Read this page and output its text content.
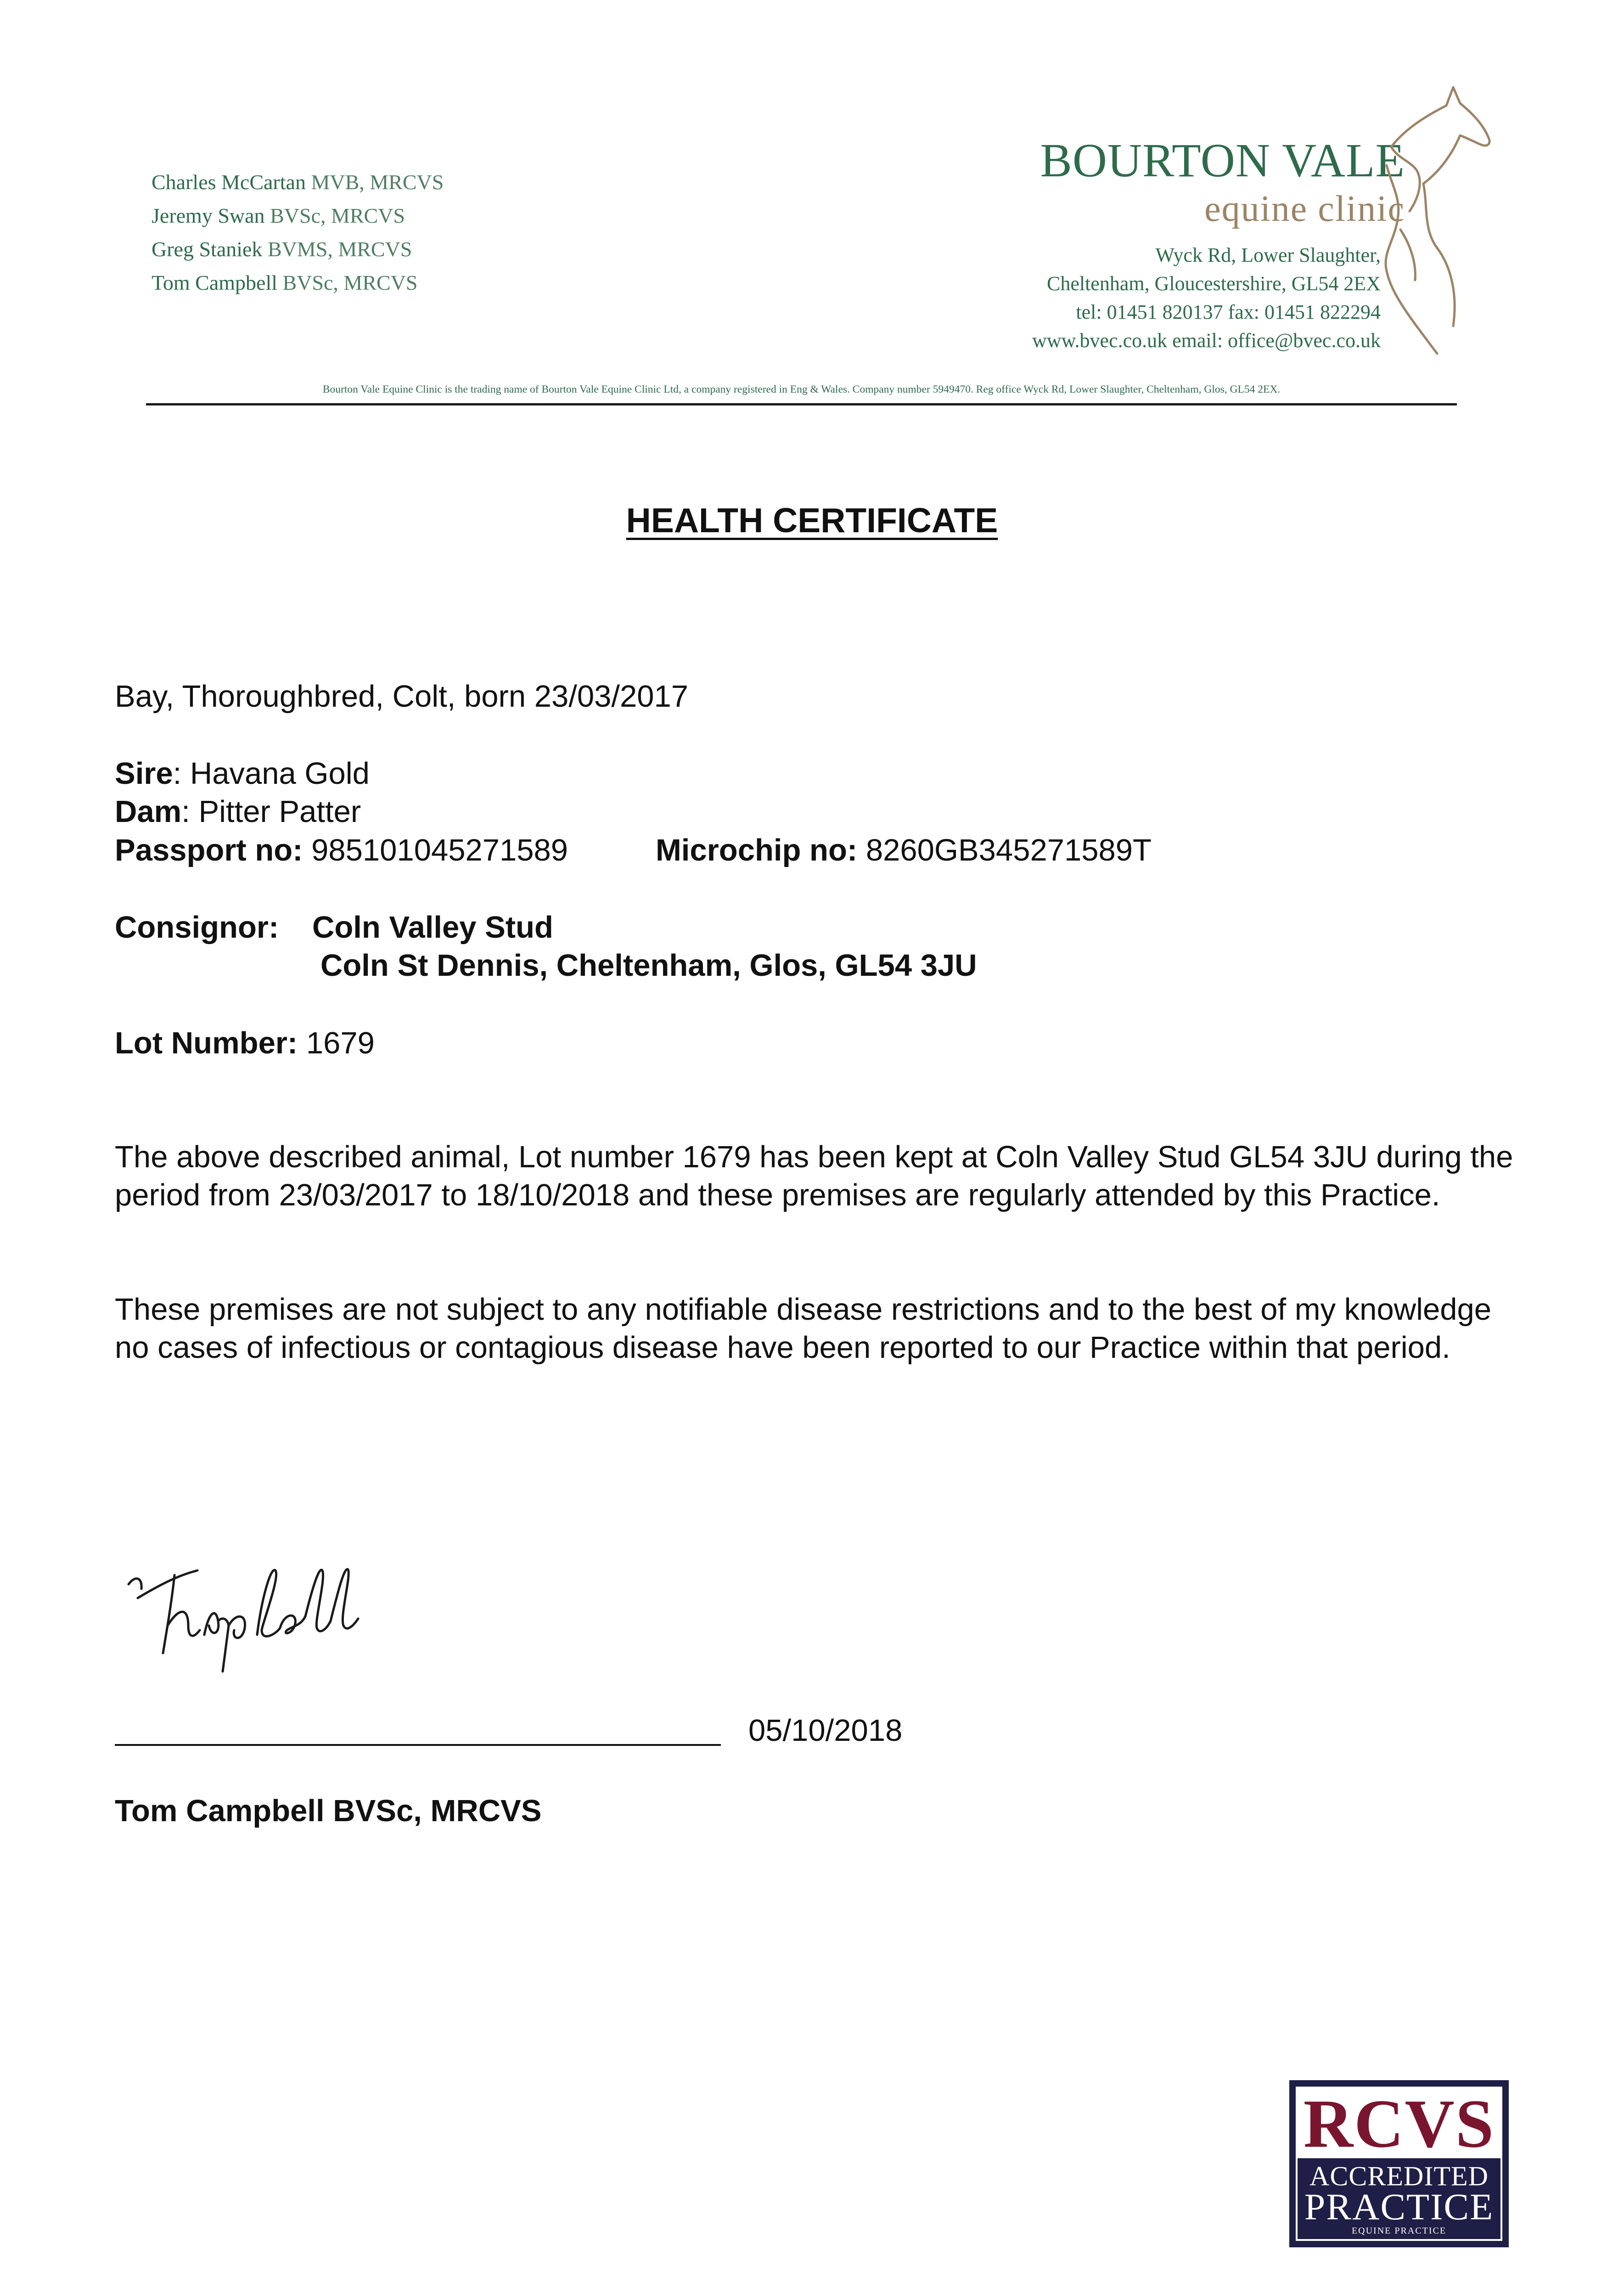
Charles McCartan MVB, MRCVS
Jeremy Swan BVSc, MRCVS
Greg Staniek BVMS, MRCVS
Tom Campbell BVSc, MRCVS
BOURTON VALE
equine clinic
Wyck Rd, Lower Slaughter,
Cheltenham, Gloucestershire, GL54 2EX
tel: 01451 820137 fax: 01451 822294
www.bvec.co.uk email: office@bvec.co.uk
Bourton Vale Equine Clinic is the trading name of Bourton Vale Equine Clinic Ltd, a company registered in Eng & Wales. Company number 5949470. Reg office Wyck Rd, Lower Slaughter, Cheltenham, Glos, GL54 2EX.
HEALTH CERTIFICATE
Bay, Thoroughbred, Colt, born 23/03/2017
Sire: Havana Gold
Dam: Pitter Patter
Passport no: 985101045271589	Microchip no: 8260GB345271589T
Consignor: Coln Valley Stud
Coln St Dennis, Cheltenham, Glos, GL54 3JU
Lot Number: 1679
The above described animal, Lot number 1679 has been kept at Coln Valley Stud GL54 3JU during the period from 23/03/2017 to 18/10/2018 and these premises are regularly attended by this Practice.
These premises are not subject to any notifiable disease restrictions and to the best of my knowledge no cases of infectious or contagious disease have been reported to our Practice within that period.
05/10/2018
Tom Campbell BVSc, MRCVS
RCVS
ACCREDITED
PRACTICE
EQUINE PRACTICE
